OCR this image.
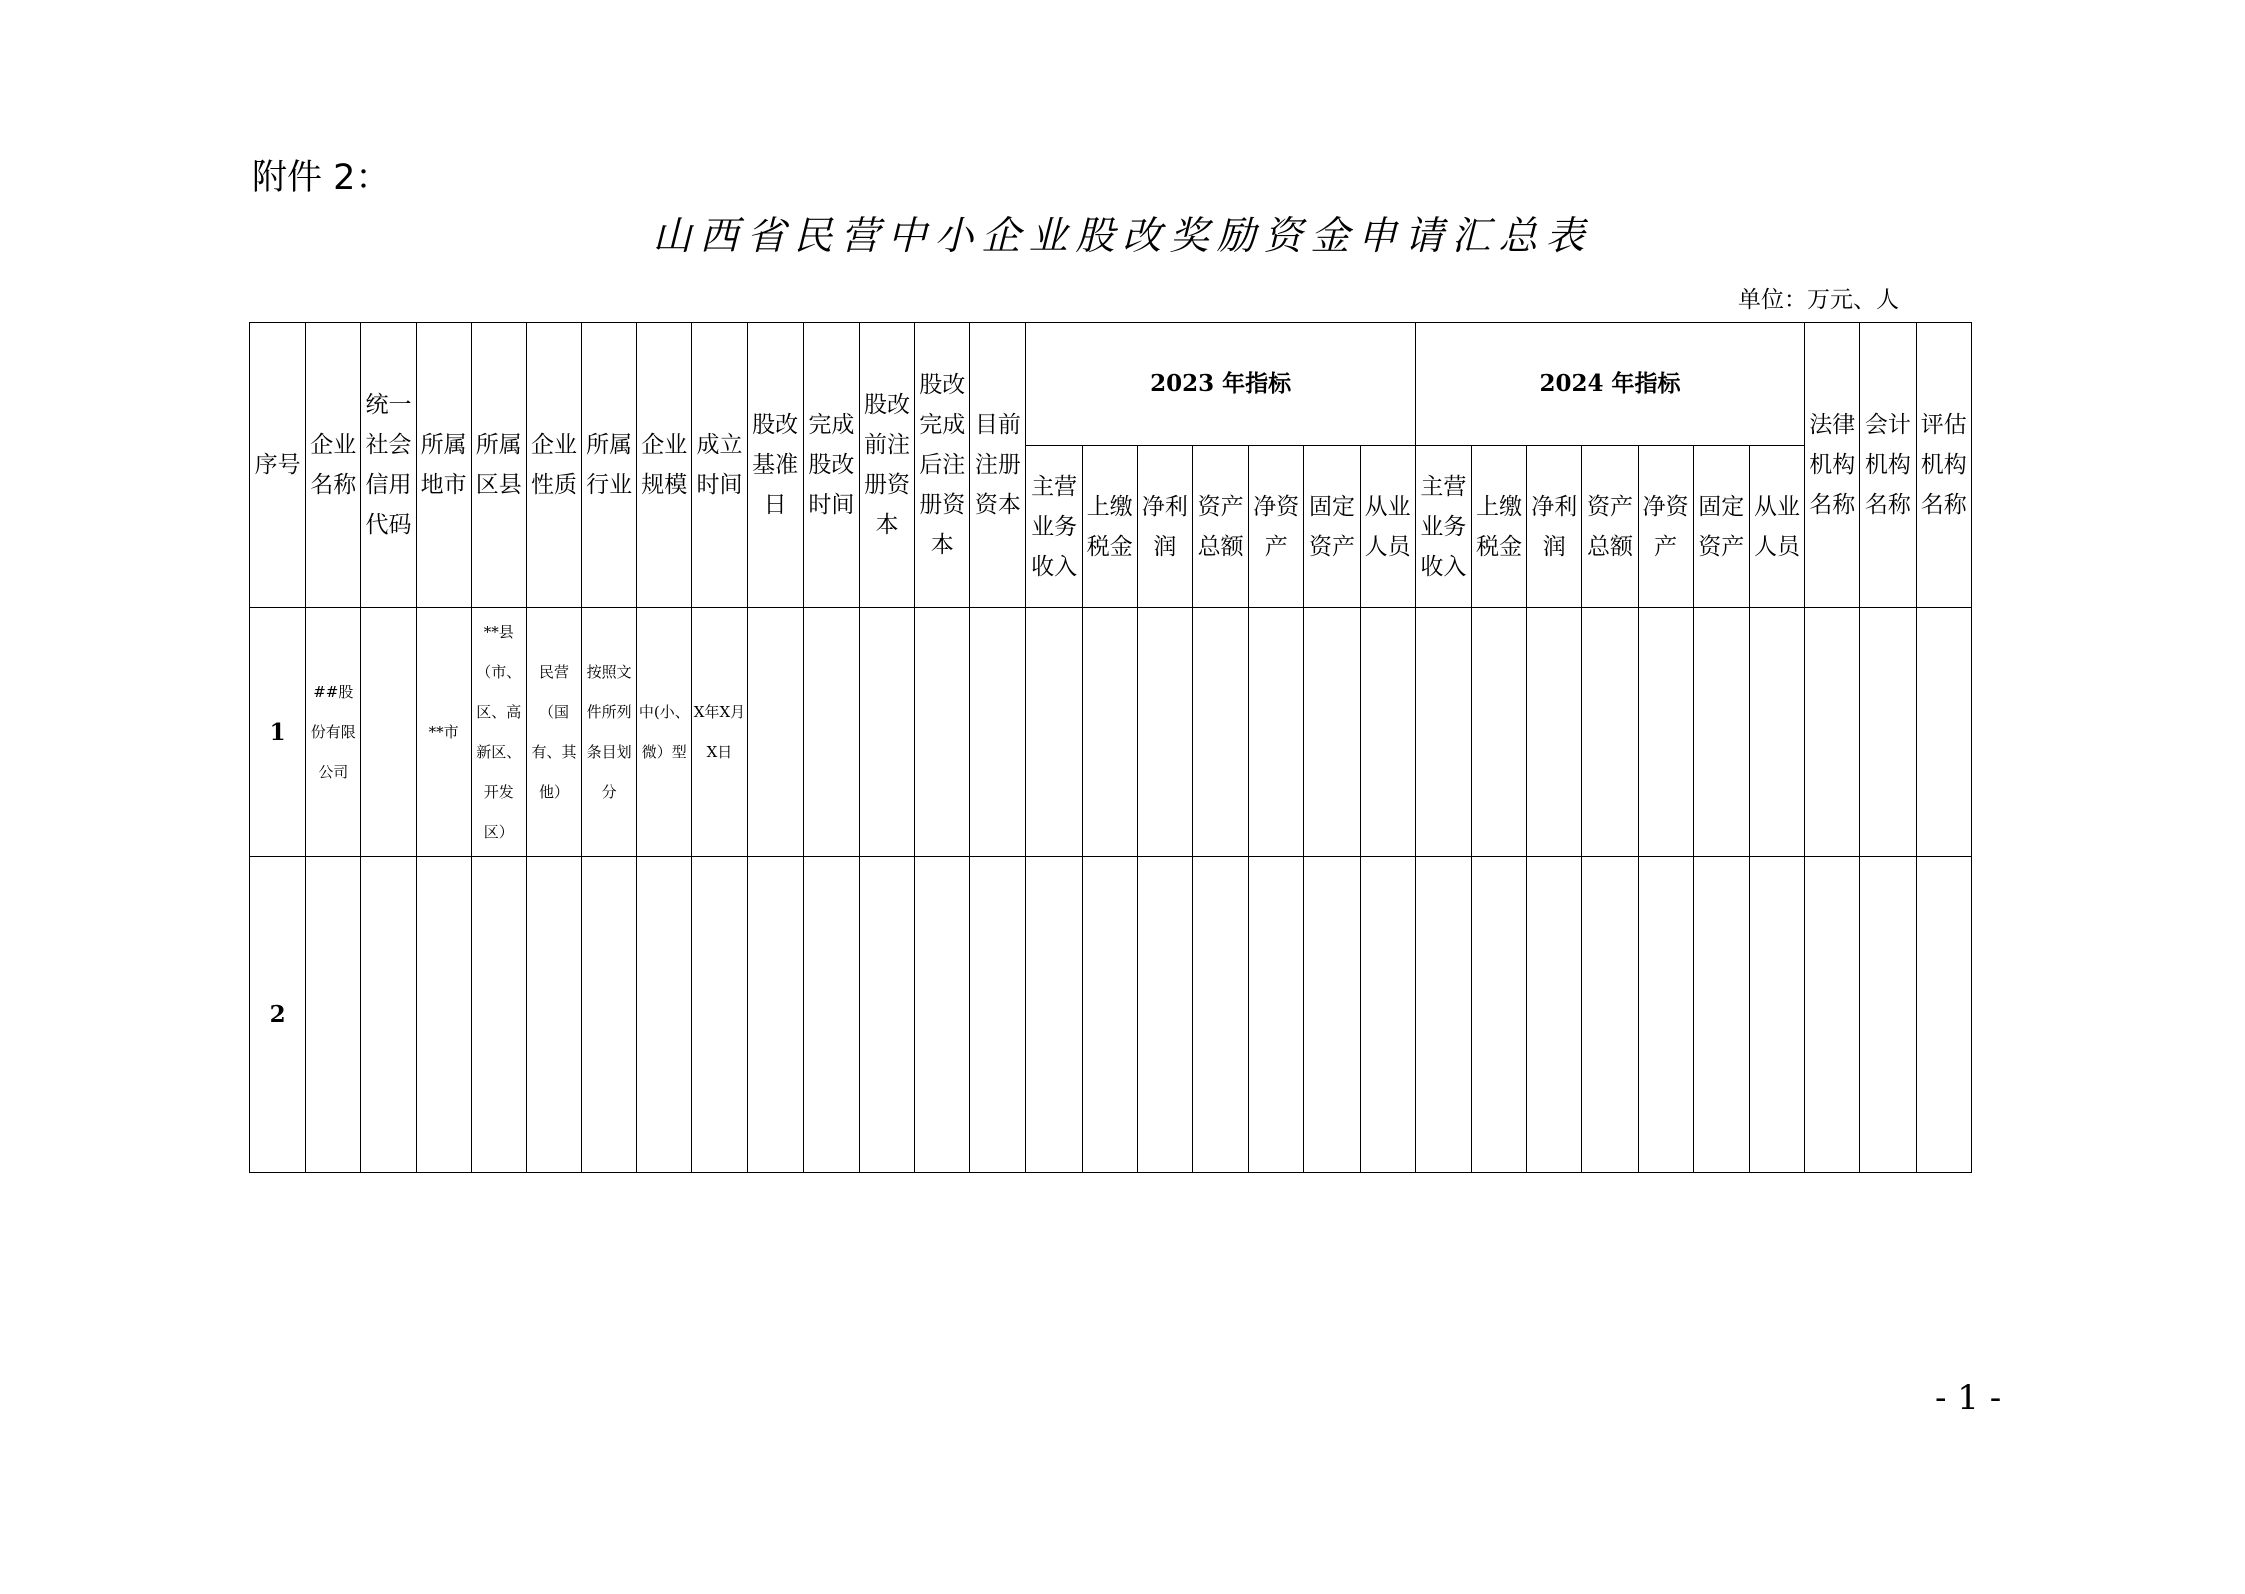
附件 2：
山西省民营中小企业股改奖励资金申请汇总表
单位：万元、人
序号	企业名称	统一社会信用代码	所属地市	所属区县	企业性质	所属行业	企业规模	成立时间	股改基准日	完成股改时间	股改前注册资本	股改完成后注册资本	目前注册资本	2023 年指标							2024 年指标							法律机构名称	会计机构名称	评估机构名称
														主营业务收入	上缴税金	净利润	资产总额	净资产	固定资产	从业人员	主营业务收入	上缴税金	净利润	资产总额	净资产	固定资产	从业人员			
1	##股份有限公司		**市	**县（市、区、高新区、开发区）	民营（国有、其他）	按照文件所列条目划分	中(小、微）型	X年X月X日																						
2																														
- 1 -
